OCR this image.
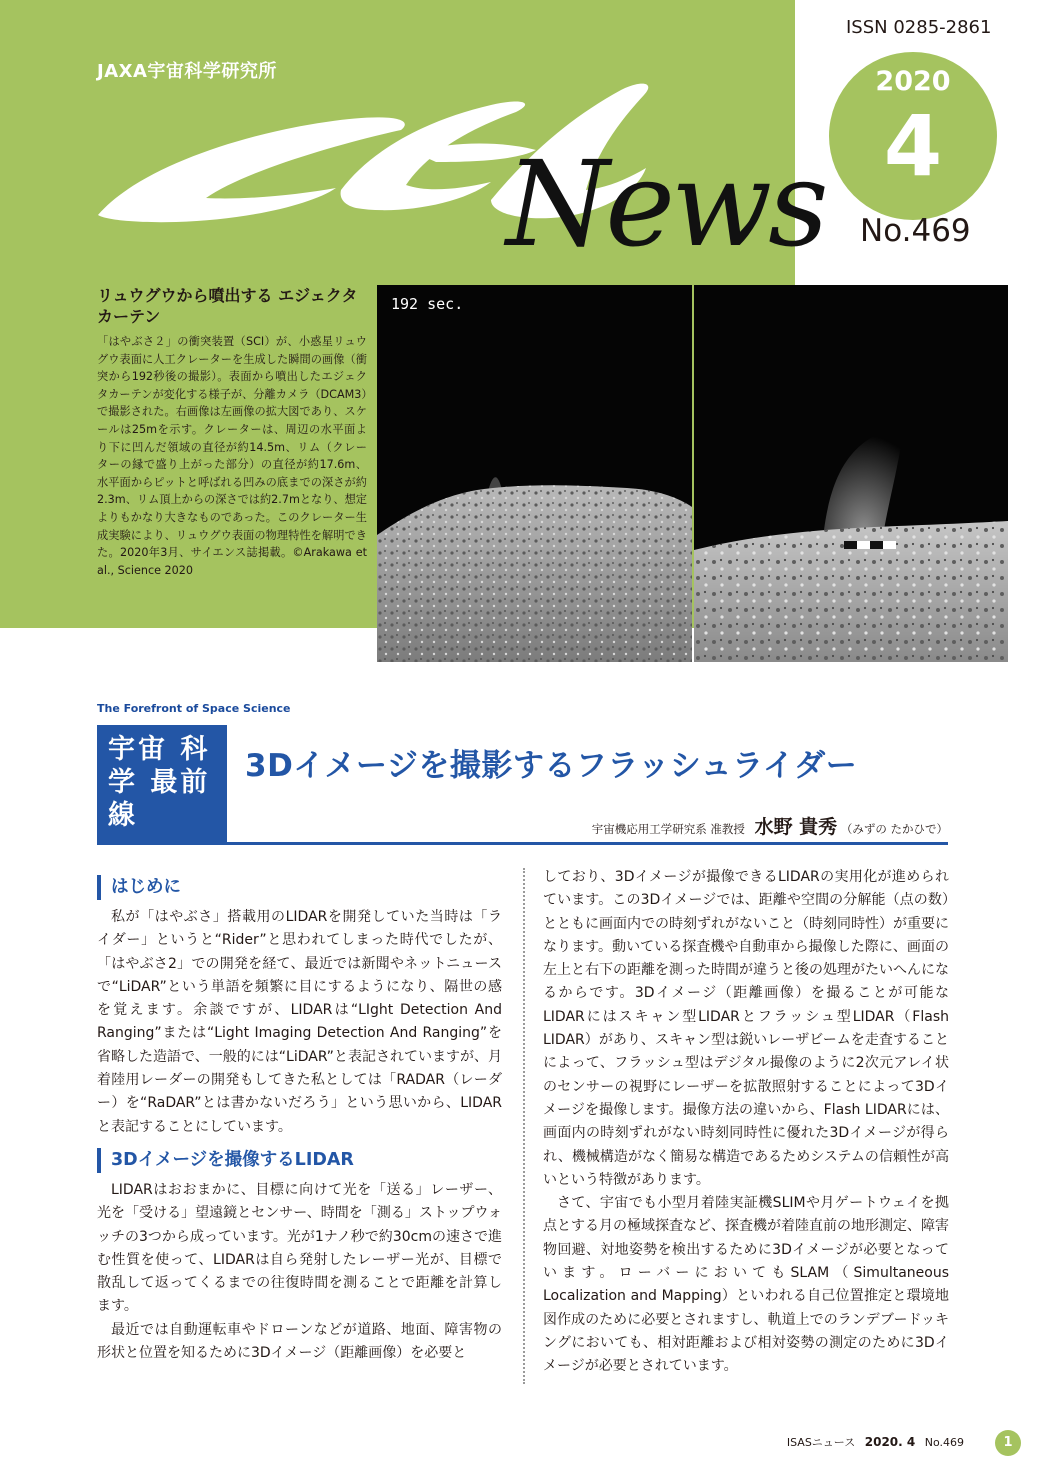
JAXA宇宙科学研究所
News
ISSN 0285-2861
2020
4
No.469
リュウグウから噴出する エジェクタカーテン
「はやぶさ２」の衝突装置（SCI）が、小惑星リュウグウ表面に人工クレーターを生成した瞬間の画像（衝突から192秒後の撮影）。表面から噴出したエジェクタカーテンが変化する様子が、分離カメラ（DCAM3）で撮影された。右画像は左画像の拡大図であり、スケールは25mを示す。クレーターは、周辺の水平面より下に凹んだ領域の直径が約14.5m、リム（クレーターの縁で盛り上がった部分）の直径が約17.6m、水平面からピットと呼ばれる凹みの底までの深さが約2.3m、リム頂上からの深さでは約2.7mとなり、想定よりもかなり大きなものであった。このクレーター生成実験により、リュウグウ表面の物理特性を解明できた。2020年3月、サイエンス誌掲載。©Arakawa et al., Science 2020
192 sec.
The Forefront of Space Science
宇宙 科学 最前線
3Dイメージを撮影するフラッシュライダー
宇宙機応用工学研究系 准教授 水野 貴秀 （みずの たかひで）
はじめに

私が「はやぶさ」搭載用のLIDARを開発していた当時は「ライダー」というと“Rider”と思われてしまった時代でしたが、「はやぶさ2」での開発を経て、最近では新聞やネットニュースで“LiDAR”という単語を頻繁に目にするようになり、隔世の感を覚えます。余談ですが、LIDARは“LIght Detection And Ranging”または“Light Imaging Detection And Ranging”を省略した造語で、一般的には“LiDAR”と表記されていますが、月着陸用レーダーの開発もしてきた私としては「RADAR（レーダー）を“RaDAR”とは書かないだろう」という思いから、LIDARと表記することにしています。

3Dイメージを撮像するLIDAR

LIDARはおおまかに、目標に向けて光を「送る」レーザー、光を「受ける」望遠鏡とセンサー、時間を「測る」ストップウォッチの3つから成っています。光が1ナノ秒で約30cmの速さで進む性質を使って、LIDARは自ら発射したレーザー光が、目標で散乱して返ってくるまでの往復時間を測ることで距離を計算します。

最近では自動運転車やドローンなどが道路、地面、障害物の形状と位置を知るために3Dイメージ（距離画像）を必要と

しており、3Dイメージが撮像できるLIDARの実用化が進められています。この3Dイメージでは、距離や空間の分解能（点の数）とともに画面内での時刻ずれがないこと（時刻同時性）が重要になります。動いている探査機や自動車から撮像した際に、画面の左上と右下の距離を測った時間が違うと後の処理がたいへんになるからです。3Dイメージ（距離画像）を撮ることが可能なLIDARにはスキャン型LIDARとフラッシュ型LIDAR（Flash LIDAR）があり、スキャン型は鋭いレーザビームを走査することによって、フラッシュ型はデジタル撮像のように2次元アレイ状のセンサーの視野にレーザーを拡散照射することによって3Dイメージを撮像します。撮像方法の違いから、Flash LIDARには、画面内の時刻ずれがない時刻同時性に優れた3Dイメージが得られ、機械構造がなく簡易な構造であるためシステムの信頼性が高いという特徴があります。

さて、宇宙でも小型月着陸実証機SLIMや月ゲートウェイを拠点とする月の極域探査など、探査機が着陸直前の地形測定、障害物回避、対地姿勢を検出するために3Dイメージが必要となっています。ローバーにおいてもSLAM（Simultaneous Localization and Mapping）といわれる自己位置推定と環境地図作成のために必要とされますし、軌道上でのランデブードッキングにおいても、相対距離および相対姿勢の測定のために3Dイメージが必要とされています。

ISASニュース 2020. 4 No.469	1
